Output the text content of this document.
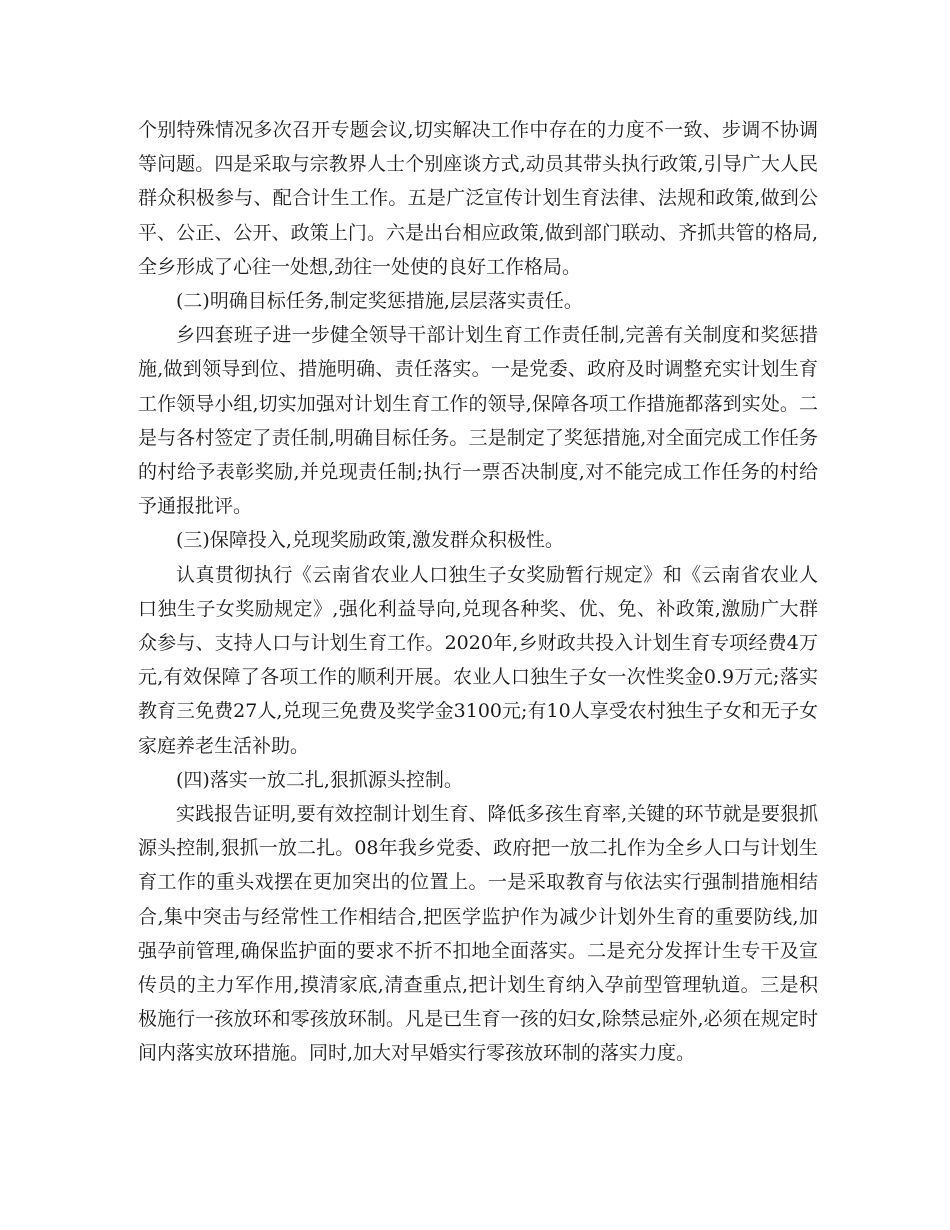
个别特殊情况多次召开专题会议,切实解决工作中存在的力度不一致、步调不协调等问题。四是采取与宗教界人士个别座谈方式,动员其带头执行政策,引导广大人民群众积极参与、配合计生工作。五是广泛宣传计划生育法律、法规和政策,做到公平、公正、公开、政策上门。六是出台相应政策,做到部门联动、齐抓共管的格局,全乡形成了心往一处想,劲往一处使的良好工作格局。

(二)明确目标任务,制定奖惩措施,层层落实责任。

乡四套班子进一步健全领导干部计划生育工作责任制,完善有关制度和奖惩措施,做到领导到位、措施明确、责任落实。一是党委、政府及时调整充实计划生育工作领导小组,切实加强对计划生育工作的领导,保障各项工作措施都落到实处。二是与各村签定了责任制,明确目标任务。三是制定了奖惩措施,对全面完成工作任务的村给予表彰奖励,并兑现责任制;执行一票否决制度,对不能完成工作任务的村给予通报批评。

(三)保障投入,兑现奖励政策,激发群众积极性。

认真贯彻执行《云南省农业人口独生子女奖励暂行规定》和《云南省农业人口独生子女奖励规定》,强化利益导向,兑现各种奖、优、免、补政策,激励广大群众参与、支持人口与计划生育工作。2020年,乡财政共投入计划生育专项经费4万元,有效保障了各项工作的顺利开展。农业人口独生子女一次性奖金0.9万元;落实教育三免费27人,兑现三免费及奖学金3100元;有10人享受农村独生子女和无子女家庭养老生活补助。

(四)落实一放二扎,狠抓源头控制。

实践报告证明,要有效控制计划生育、降低多孩生育率,关键的环节就是要狠抓源头控制,狠抓一放二扎。08年我乡党委、政府把一放二扎作为全乡人口与计划生育工作的重头戏摆在更加突出的位置上。一是采取教育与依法实行强制措施相结合,集中突击与经常性工作相结合,把医学监护作为减少计划外生育的重要防线,加强孕前管理,确保监护面的要求不折不扣地全面落实。二是充分发挥计生专干及宣传员的主力军作用,摸清家底,清查重点,把计划生育纳入孕前型管理轨道。三是积极施行一孩放环和零孩放环制。凡是已生育一孩的妇女,除禁忌症外,必须在规定时间内落实放环措施。同时,加大对早婚实行零孩放环制的落实力度。
